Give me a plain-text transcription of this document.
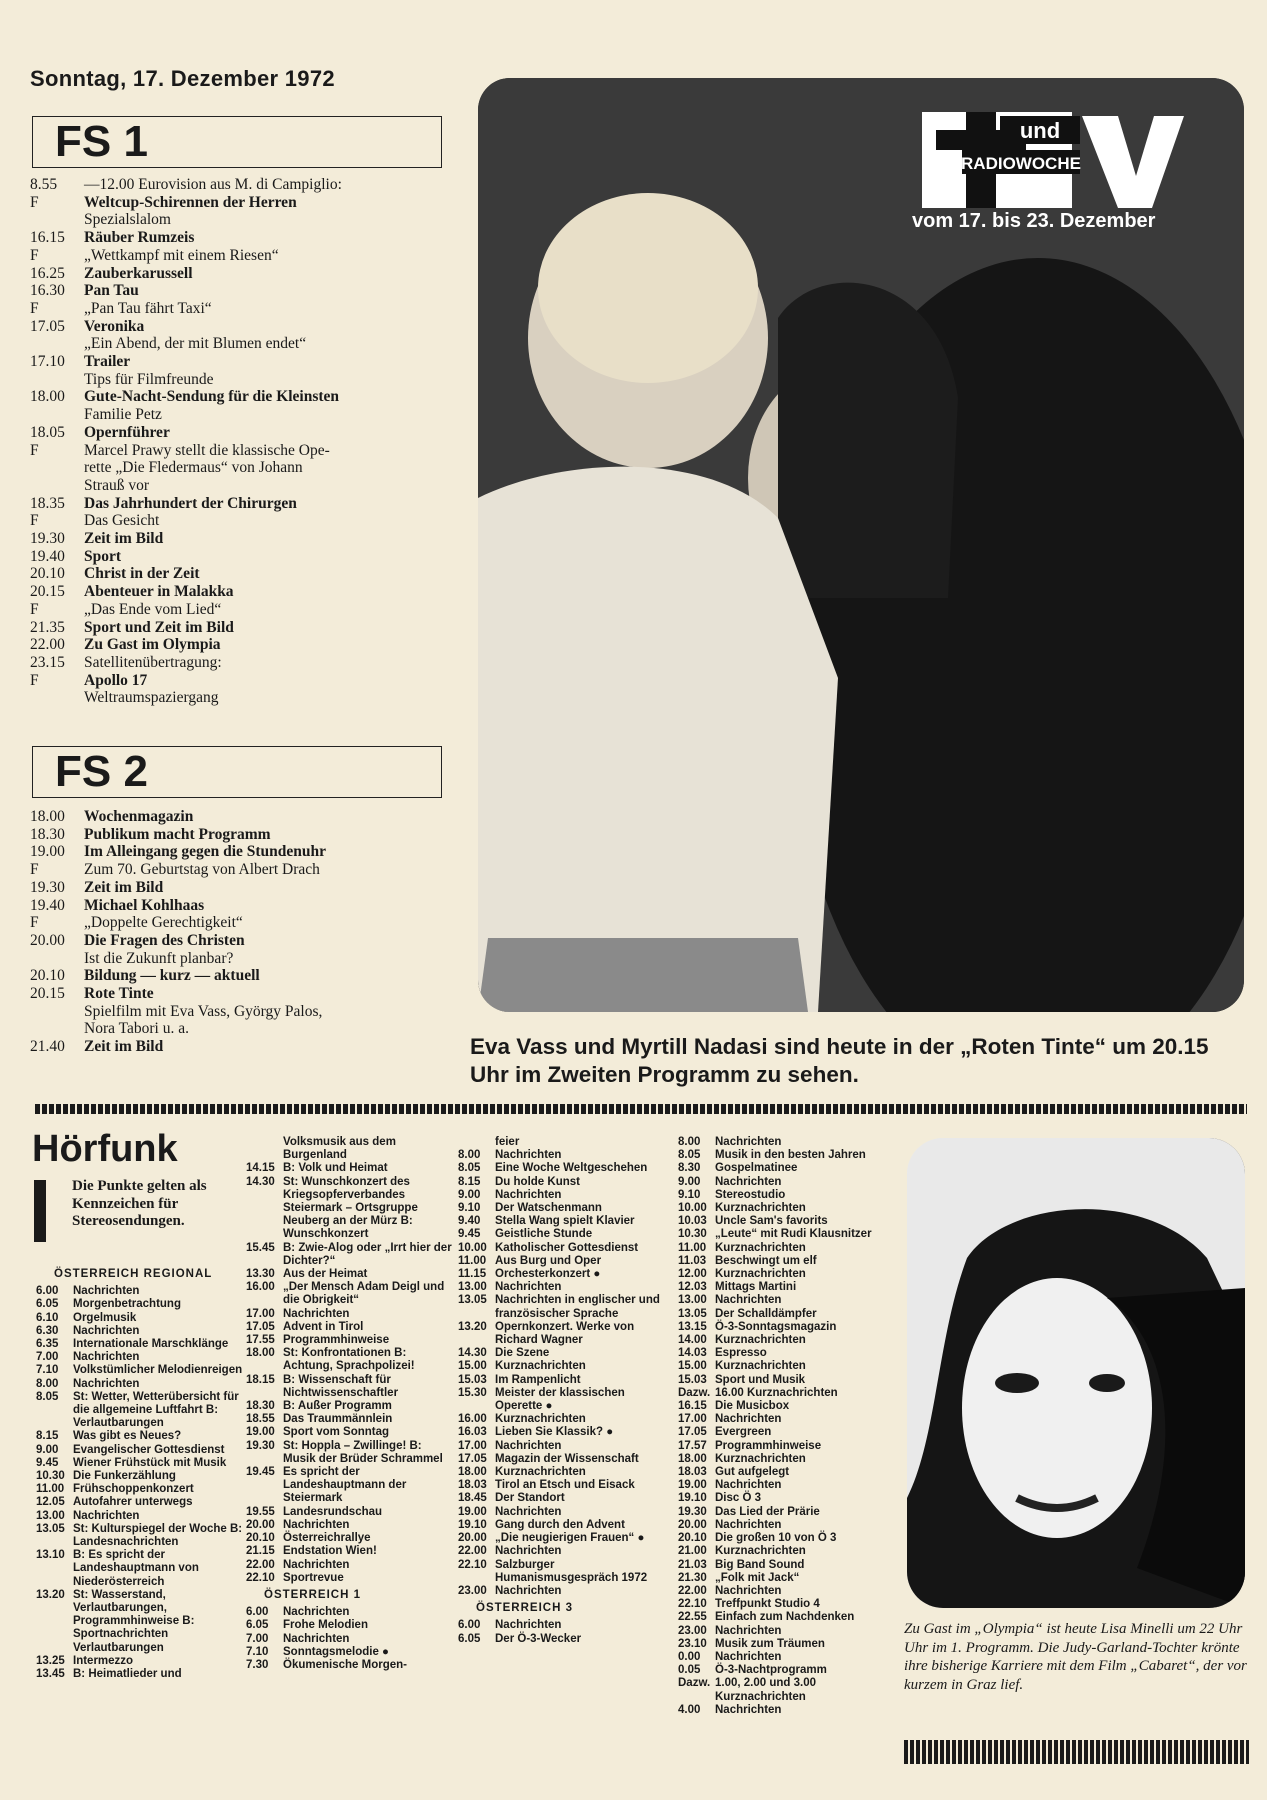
Sonntag, 17. Dezember 1972
FS 1
8.55	—12.00 Eurovision aus M. di Campiglio:
F	Weltcup-Schirennen der Herren
Spezialslalom
16.15	Räuber Rumzeis
F	„Wettkampf mit einem Riesen“
16.25	Zauberkarussell
16.30	Pan Tau
F	„Pan Tau fährt Taxi“
17.05	Veronika
„Ein Abend, der mit Blumen endet“
17.10	Trailer
Tips für Filmfreunde
18.00	Gute-Nacht-Sendung für die Kleinsten
Familie Petz
18.05	Opernführer
F	Marcel Prawy stellt die klassische Ope-
rette „Die Fledermaus“ von Johann
Strauß vor
18.35	Das Jahrhundert der Chirurgen
F	Das Gesicht
19.30	Zeit im Bild
19.40	Sport
20.10	Christ in der Zeit
20.15	Abenteuer in Malakka
F	„Das Ende vom Lied“
21.35	Sport und Zeit im Bild
22.00	Zu Gast im Olympia
23.15	Satellitenübertragung:
F	Apollo 17
Weltraumspaziergang
FS 2
18.00	Wochenmagazin
18.30	Publikum macht Programm
19.00	Im Alleingang gegen die Stundenuhr
F	Zum 70. Geburtstag von Albert Drach
19.30	Zeit im Bild
19.40	Michael Kohlhaas
F	„Doppelte Gerechtigkeit“
20.00	Die Fragen des Christen
Ist die Zukunft planbar?
20.10	Bildung — kurz — aktuell
20.15	Rote Tinte
Spielfilm mit Eva Vass, György Palos,
Nora Tabori u. a.
21.40	Zeit im Bild
und
RADIOWOCHE
vom 17. bis 23. Dezember
Eva Vass und Myrtill Nadasi sind heute in der „Roten Tinte“ um 20.15 Uhr im Zweiten Programm zu sehen.
Hörfunk
Die Punkte gelten als Kennzeichen für Stereosendungen.
ÖSTERREICH REGIONAL
6.00	Nachrichten
6.05	Morgenbetrachtung
6.10	Orgelmusik
6.30	Nachrichten
6.35	Internationale Marschklänge
7.00	Nachrichten
7.10	Volkstümlicher Melodienreigen
8.00	Nachrichten
8.05	St: Wetter, Wetterübersicht für die allgemeine Luftfahrt B: Verlautbarungen
8.15	Was gibt es Neues?
9.00	Evangelischer Gottesdienst
9.45	Wiener Frühstück mit Musik
10.30 Die Funkerzählung
11.00 Frühschoppenkonzert
12.05 Autofahrer unterwegs
13.00 Nachrichten
13.05 St: Kulturspiegel der Woche B: Landesnachrichten
13.10 B: Es spricht der Landeshauptmann von Niederösterreich
13.20 St: Wasserstand, Verlautbarungen, Programmhinweise B: Sportnachrichten Verlautbarungen
13.25 Intermezzo
13.45 B: Heimatlieder und
Volksmusik aus dem Burgenland
14.15 B: Volk und Heimat
14.30 St: Wunschkonzert des Kriegsopferverbandes Steiermark – Ortsgruppe Neuberg an der Mürz B: Wunschkonzert
15.45 B: Zwie-Alog oder „Irrt hier der Dichter?“
13.30 Aus der Heimat
16.00 „Der Mensch Adam Deigl und die Obrigkeit“
17.00 Nachrichten
17.05 Advent in Tirol
17.55 Programmhinweise
18.00 St: Konfrontationen B: Achtung, Sprachpolizei!
18.15 B: Wissenschaft für Nichtwissenschaftler
18.30 B: Außer Programm
18.55 Das Traummännlein
19.00 Sport vom Sonntag
19.30 St: Hoppla – Zwillinge! B: Musik der Brüder Schrammel
19.45 Es spricht der Landeshauptmann der Steiermark
19.55 Landesrundschau
20.00 Nachrichten
20.10 Österreichrallye
21.15 Endstation Wien!
22.00 Nachrichten
22.10 Sportrevue
ÖSTERREICH 1
6.00	Nachrichten
6.05	Frohe Melodien
7.00	Nachrichten
7.10	Sonntagsmelodie ●
7.30	Ökumenische Morgen-
feier
8.00	Nachrichten
8.05	Eine Woche Weltgeschehen
8.15	Du holde Kunst
9.00	Nachrichten
9.10	Der Watschenmann
9.40	Stella Wang spielt Klavier
9.45	Geistliche Stunde
10.00 Katholischer Gottesdienst
11.00 Aus Burg und Oper
11.15 Orchesterkonzert ●
13.00 Nachrichten
13.05 Nachrichten in englischer und französischer Sprache
13.20 Opernkonzert. Werke von Richard Wagner
14.30 Die Szene
15.00 Kurznachrichten
15.03 Im Rampenlicht
15.30 Meister der klassischen Operette ●
16.00 Kurznachrichten
16.03 Lieben Sie Klassik? ●
17.00 Nachrichten
17.05 Magazin der Wissenschaft
18.00 Kurznachrichten
18.03 Tirol an Etsch und Eisack
18.45 Der Standort
19.00 Nachrichten
19.10 Gang durch den Advent
20.00 „Die neugierigen Frauen“ ●
22.00 Nachrichten
22.10 Salzburger Humanismusgespräch 1972
23.00 Nachrichten
ÖSTERREICH 3
6.00	Nachrichten
6.05	Der Ö-3-Wecker
8.00	Nachrichten
8.05	Musik in den besten Jahren
8.30	Gospelmatinee
9.00	Nachrichten
9.10	Stereostudio
10.00 Kurznachrichten
10.03 Uncle Sam's favorits
10.30 „Leute“ mit Rudi Klausnitzer
11.00 Kurznachrichten
11.03 Beschwingt um elf
12.00 Kurznachrichten
12.03 Mittags Martini
13.00 Nachrichten
13.05 Der Schalldämpfer
13.15 Ö-3-Sonntagsmagazin
14.00 Kurznachrichten
14.03 Espresso
15.00 Kurznachrichten
15.03 Sport und Musik
Dazw. 16.00 Kurznachrichten
16.15 Die Musicbox
17.00 Nachrichten
17.05 Evergreen
17.57 Programmhinweise
18.00 Kurznachrichten
18.03 Gut aufgelegt
19.00 Nachrichten
19.10 Disc Ö 3
19.30 Das Lied der Prärie
20.00 Nachrichten
20.10 Die großen 10 von Ö 3
21.00 Kurznachrichten
21.03 Big Band Sound
21.30 „Folk mit Jack“
22.00 Nachrichten
22.10 Treffpunkt Studio 4
22.55 Einfach zum Nachdenken
23.00 Nachrichten
23.10 Musik zum Träumen
0.00	Nachrichten
0.05	Ö-3-Nachtprogramm
Dazw. 1.00, 2.00 und 3.00 Kurznachrichten
4.00	Nachrichten
Zu Gast im „Olympia“ ist heute Lisa Minelli um 22 Uhr Uhr im 1. Programm. Die Judy-Garland-Tochter krönte ihre bisherige Karriere mit dem Film „Cabaret“, der vor kurzem in Graz lief.
